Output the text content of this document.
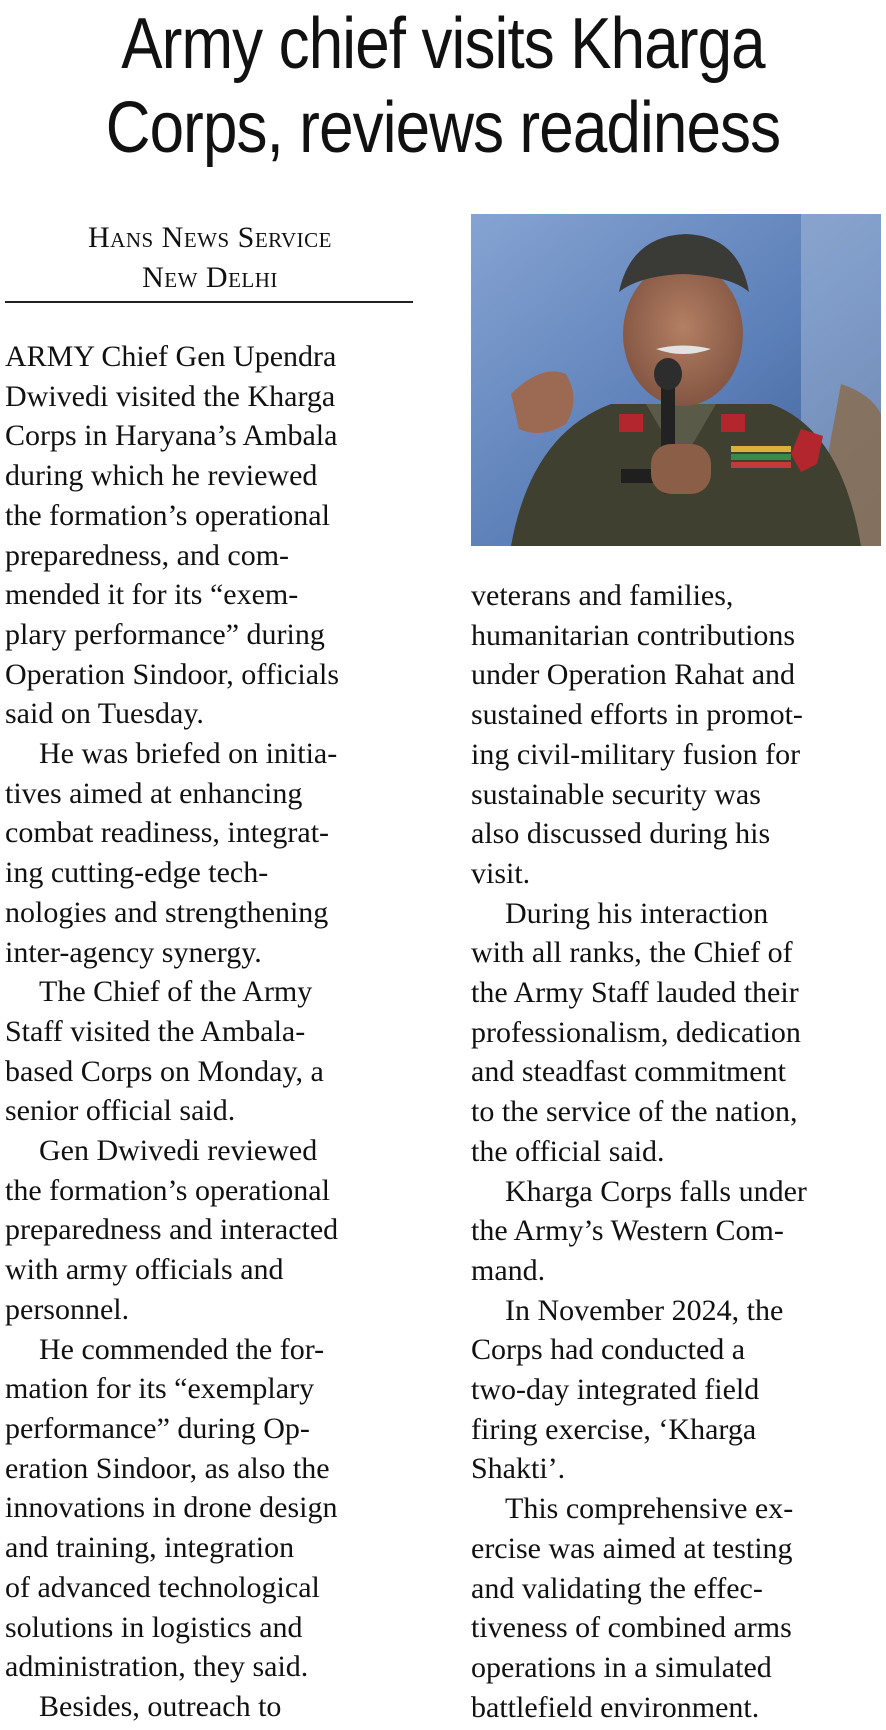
Army chief visits Kharga
Corps, reviews readiness
Hans News Service
New Delhi

ARMY Chief Gen Upendra
Dwivedi visited the Kharga
Corps in Haryana’s Ambala
during which he reviewed
the formation’s operational
preparedness, and com-
mended it for its “exem-
plary performance” during
Operation Sindoor, officials
said on Tuesday.

He was briefed on initia-
tives aimed at enhancing
combat readiness, integrat-
ing cutting-edge tech-
nologies and strengthening
inter-agency synergy.

The Chief of the Army
Staff visited the Ambala-
based Corps on Monday, a
senior official said.

Gen Dwivedi reviewed
the formation’s operational
preparedness and interacted
with army officials and
personnel.

He commended the for-
mation for its “exemplary
performance” during Op-
eration Sindoor, as also the
innovations in drone design
and training, integration
of advanced technological
solutions in logistics and
administration, they said.

Besides, outreach to

veterans and families,
humanitarian contributions
under Operation Rahat and
sustained efforts in promot-
ing civil-military fusion for
sustainable security was
also discussed during his
visit.

During his interaction
with all ranks, the Chief of
the Army Staff lauded their
professionalism, dedication
and steadfast commitment
to the service of the nation,
the official said.

Kharga Corps falls under
the Army’s Western Com-
mand.

In November 2024, the
Corps had conducted a
two-day integrated field
firing exercise, ‘Kharga
Shakti’.

This comprehensive ex-
ercise was aimed at testing
and validating the effec-
tiveness of combined arms
operations in a simulated
battlefield environment.
